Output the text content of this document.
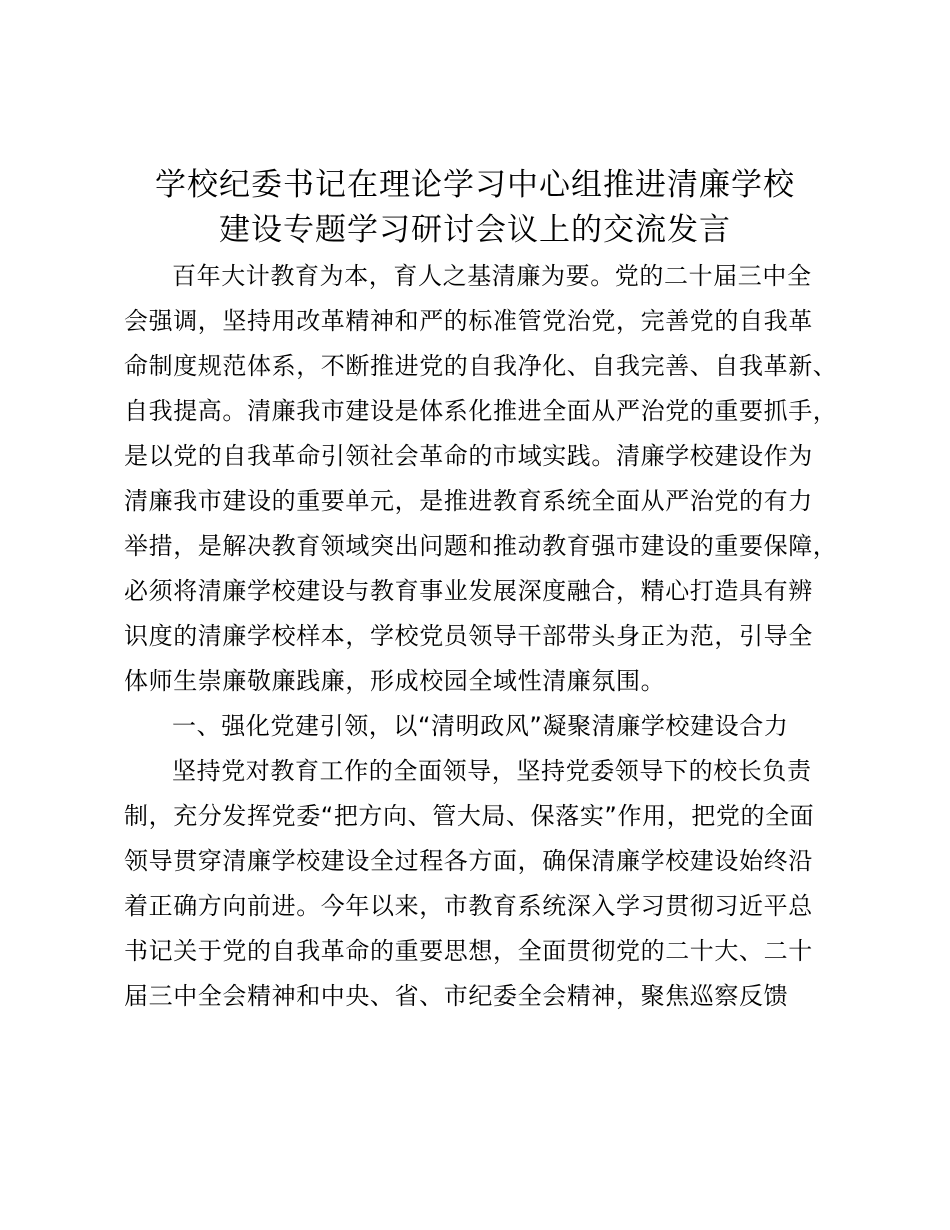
学校纪委书记在理论学习中心组推进清廉学校
建设专题学习研讨会议上的交流发言
百年大计教育为本，育人之基清廉为要。党的二十届三中全
会强调，坚持用改革精神和严的标准管党治党，完善党的自我革
命制度规范体系，不断推进党的自我净化、自我完善、自我革新、
自我提高。清廉我市建设是体系化推进全面从严治党的重要抓手，
是以党的自我革命引领社会革命的市域实践。清廉学校建设作为
清廉我市建设的重要单元，是推进教育系统全面从严治党的有力
举措，是解决教育领域突出问题和推动教育强市建设的重要保障，
必须将清廉学校建设与教育事业发展深度融合，精心打造具有辨
识度的清廉学校样本，学校党员领导干部带头身正为范，引导全
体师生崇廉敬廉践廉，形成校园全域性清廉氛围。
一、强化党建引领，以“清明政风”凝聚清廉学校建设合力
坚持党对教育工作的全面领导，坚持党委领导下的校长负责
制，充分发挥党委“把方向、管大局、保落实”作用，把党的全面
领导贯穿清廉学校建设全过程各方面，确保清廉学校建设始终沿
着正确方向前进。今年以来，市教育系统深入学习贯彻习近平总
书记关于党的自我革命的重要思想，全面贯彻党的二十大、二十
届三中全会精神和中央、省、市纪委全会精神，聚焦巡察反馈
